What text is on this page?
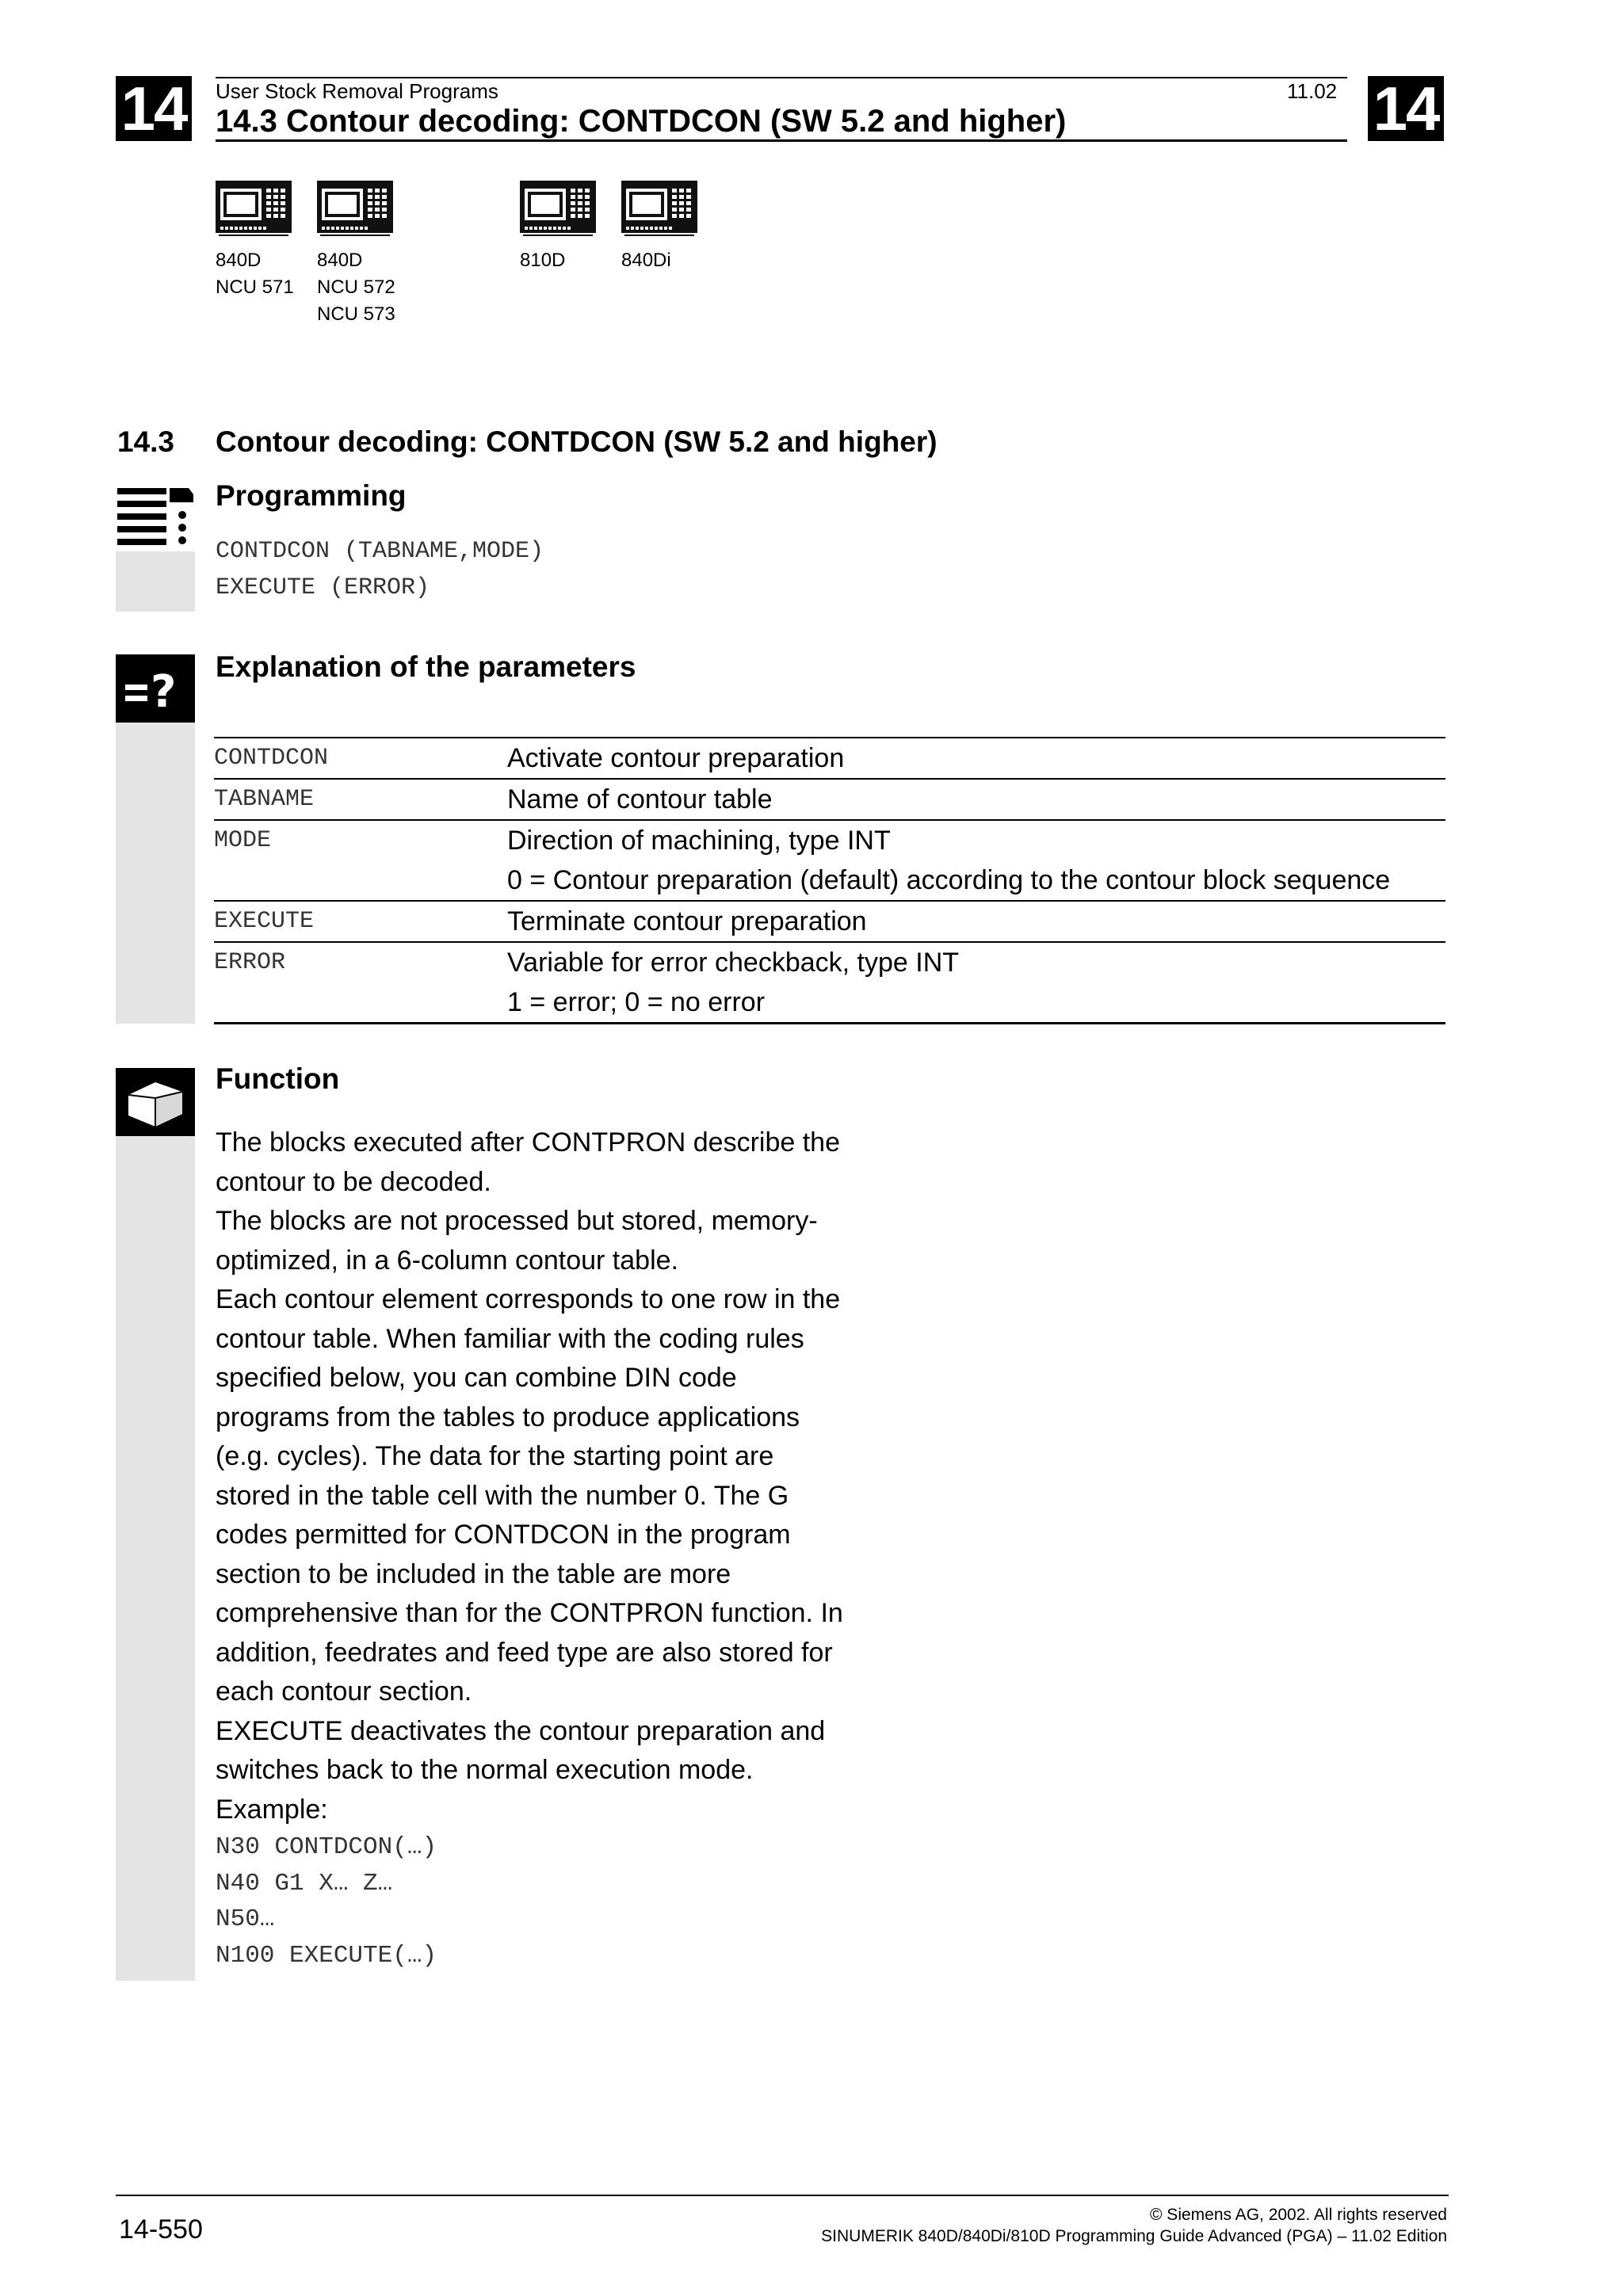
14	14
User Stock Removal Programs	11.02
14.3 Contour decoding: CONTDCON (SW 5.2 and higher)
840D
NCU 571
840D
NCU 572
NCU 573
810D	840Di
14.3 Contour decoding: CONTDCON (SW 5.2 and higher)
Programming
CONTDCON (TABNAME,MODE)
EXECUTE (ERROR)
? Explanation of the parameters
CONTDCON	Activate contour preparation

TABNAME	Name of contour table

MODE	Direction of machining, type INT
0 = Contour preparation (default) according to the contour block sequence

EXECUTE	Terminate contour preparation

ERROR	Variable for error checkback, type INT
1 = error; 0 = no error
Function
The blocks executed after CONTPRON describe the
contour to be decoded.
The blocks are not processed but stored, memory-
optimized, in a 6-column contour table.
Each contour element corresponds to one row in the
contour table. When familiar with the coding rules
specified below, you can combine DIN code
programs from the tables to produce applications
(e.g. cycles). The data for the starting point are
stored in the table cell with the number 0. The G
codes permitted for CONTDCON in the program
section to be included in the table are more
comprehensive than for the CONTPRON function. In
addition, feedrates and feed type are also stored for
each contour section.
EXECUTE deactivates the contour preparation and
switches back to the normal execution mode.
Example:
N30 CONTDCON(…)
N40 G1 X… Z…
N50…
N100 EXECUTE(…)
14-550	© Siemens AG, 2002. All rights reserved
SINUMERIK 840D/840Di/810D Programming Guide Advanced (PGA) – 11.02 Edition
